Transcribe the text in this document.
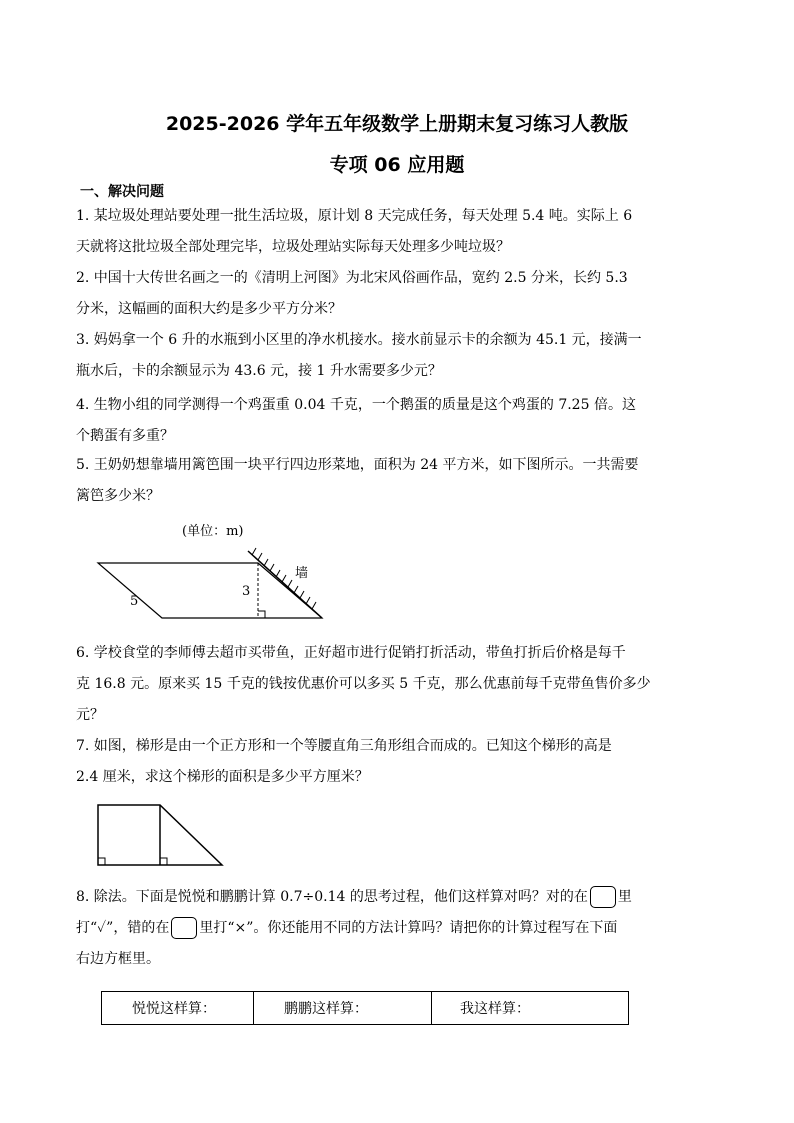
2025-2026 学年五年级数学上册期末复习练习人教版
专项 06 应用题
一、解决问题
1. 某垃圾处理站要处理一批生活垃圾，原计划 8 天完成任务，每天处理 5.4 吨。实际上 6
天就将这批垃圾全部处理完毕，垃圾处理站实际每天处理多少吨垃圾？
2. 中国十大传世名画之一的《清明上河图》为北宋风俗画作品，宽约 2.5 分米，长约 5.3
分米，这幅画的面积大约是多少平方分米？
3. 妈妈拿一个 6 升的水瓶到小区里的净水机接水。接水前显示卡的余额为 45.1 元，接满一
瓶水后，卡的余额显示为 43.6 元，接 1 升水需要多少元？
4. 生物小组的同学测得一个鸡蛋重 0.04 千克，一个鹅蛋的质量是这个鸡蛋的 7.25 倍。这
个鹅蛋有多重？
5. 王奶奶想靠墙用篱笆围一块平行四边形菜地，面积为 24 平方米，如下图所示。一共需要
篱笆多少米？
(单位：m)
墙
5
3
6. 学校食堂的李师傅去超市买带鱼，正好超市进行促销打折活动，带鱼打折后价格是每千
克 16.8 元。原来买 15 千克的钱按优惠价可以多买 5 千克，那么优惠前每千克带鱼售价多少
元？
7. 如图，梯形是由一个正方形和一个等腰直角三角形组合而成的。已知这个梯形的高是
2.4 厘米，求这个梯形的面积是多少平方厘米？
8. 除法。下面是悦悦和鹏鹏计算 0.7÷0.14 的思考过程，他们这样算对吗？对的在 里
打“✓”，错的在 里打“×”。你还能用不同的方法计算吗？请把你的计算过程写在下面
右边方框里。
悦悦这样算：	鹏鹏这样算：	我这样算：
